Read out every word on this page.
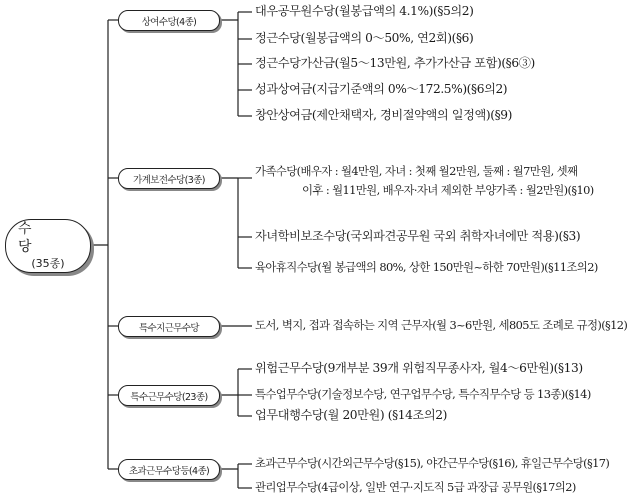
수 당
(35종)
상여수당(4종)
가계보전수당(3종)
특수지근무수당
특수근무수당(23종)
초과근무수당등(4종)
대우공무원수당(월봉급액의 4.1%)(§5의2)
정근수당(월봉급액의 0～50%, 연2회)(§6)
정근수당가산금(월5～13만원, 추가가산금 포함)(§6③)
성과상여금(지급기준액의 0%～172.5%)(§6의2)
창안상여금(제안채택자, 경비절약액의 일정액)(§9)
가족수당(배우자 : 월4만원, 자녀 : 첫째 월2만원, 둘째 : 월7만원, 셋째
이후 : 월11만원, 배우자·자녀 제외한 부양가족 : 월2만원)(§10)
자녀학비보조수당(국외파견공무원 국외 취학자녀에만 적용)(§3)
육아휴직수당(월 봉급액의 80%, 상한 150만원~하한 70만원)(§11조의2)
도서, 벽지, 접과 접속하는 지역 근무자(월 3~6만원, 세805도 조례로 규정)(§12)
위험근무수당(9개부분 39개 위험직무종사자, 월4～6만원)(§13)
특수업무수당(기술정보수당, 연구업무수당, 특수직무수당 등 13종)(§14)
업무대행수당(월 20만원) (§14조의2)
초과근무수당(시간외근무수당(§15), 야간근무수당(§16), 휴일근무수당(§17)
관리업무수당(4급이상, 일반 연구·지도직 5급 과장급 공무원(§17의2)
